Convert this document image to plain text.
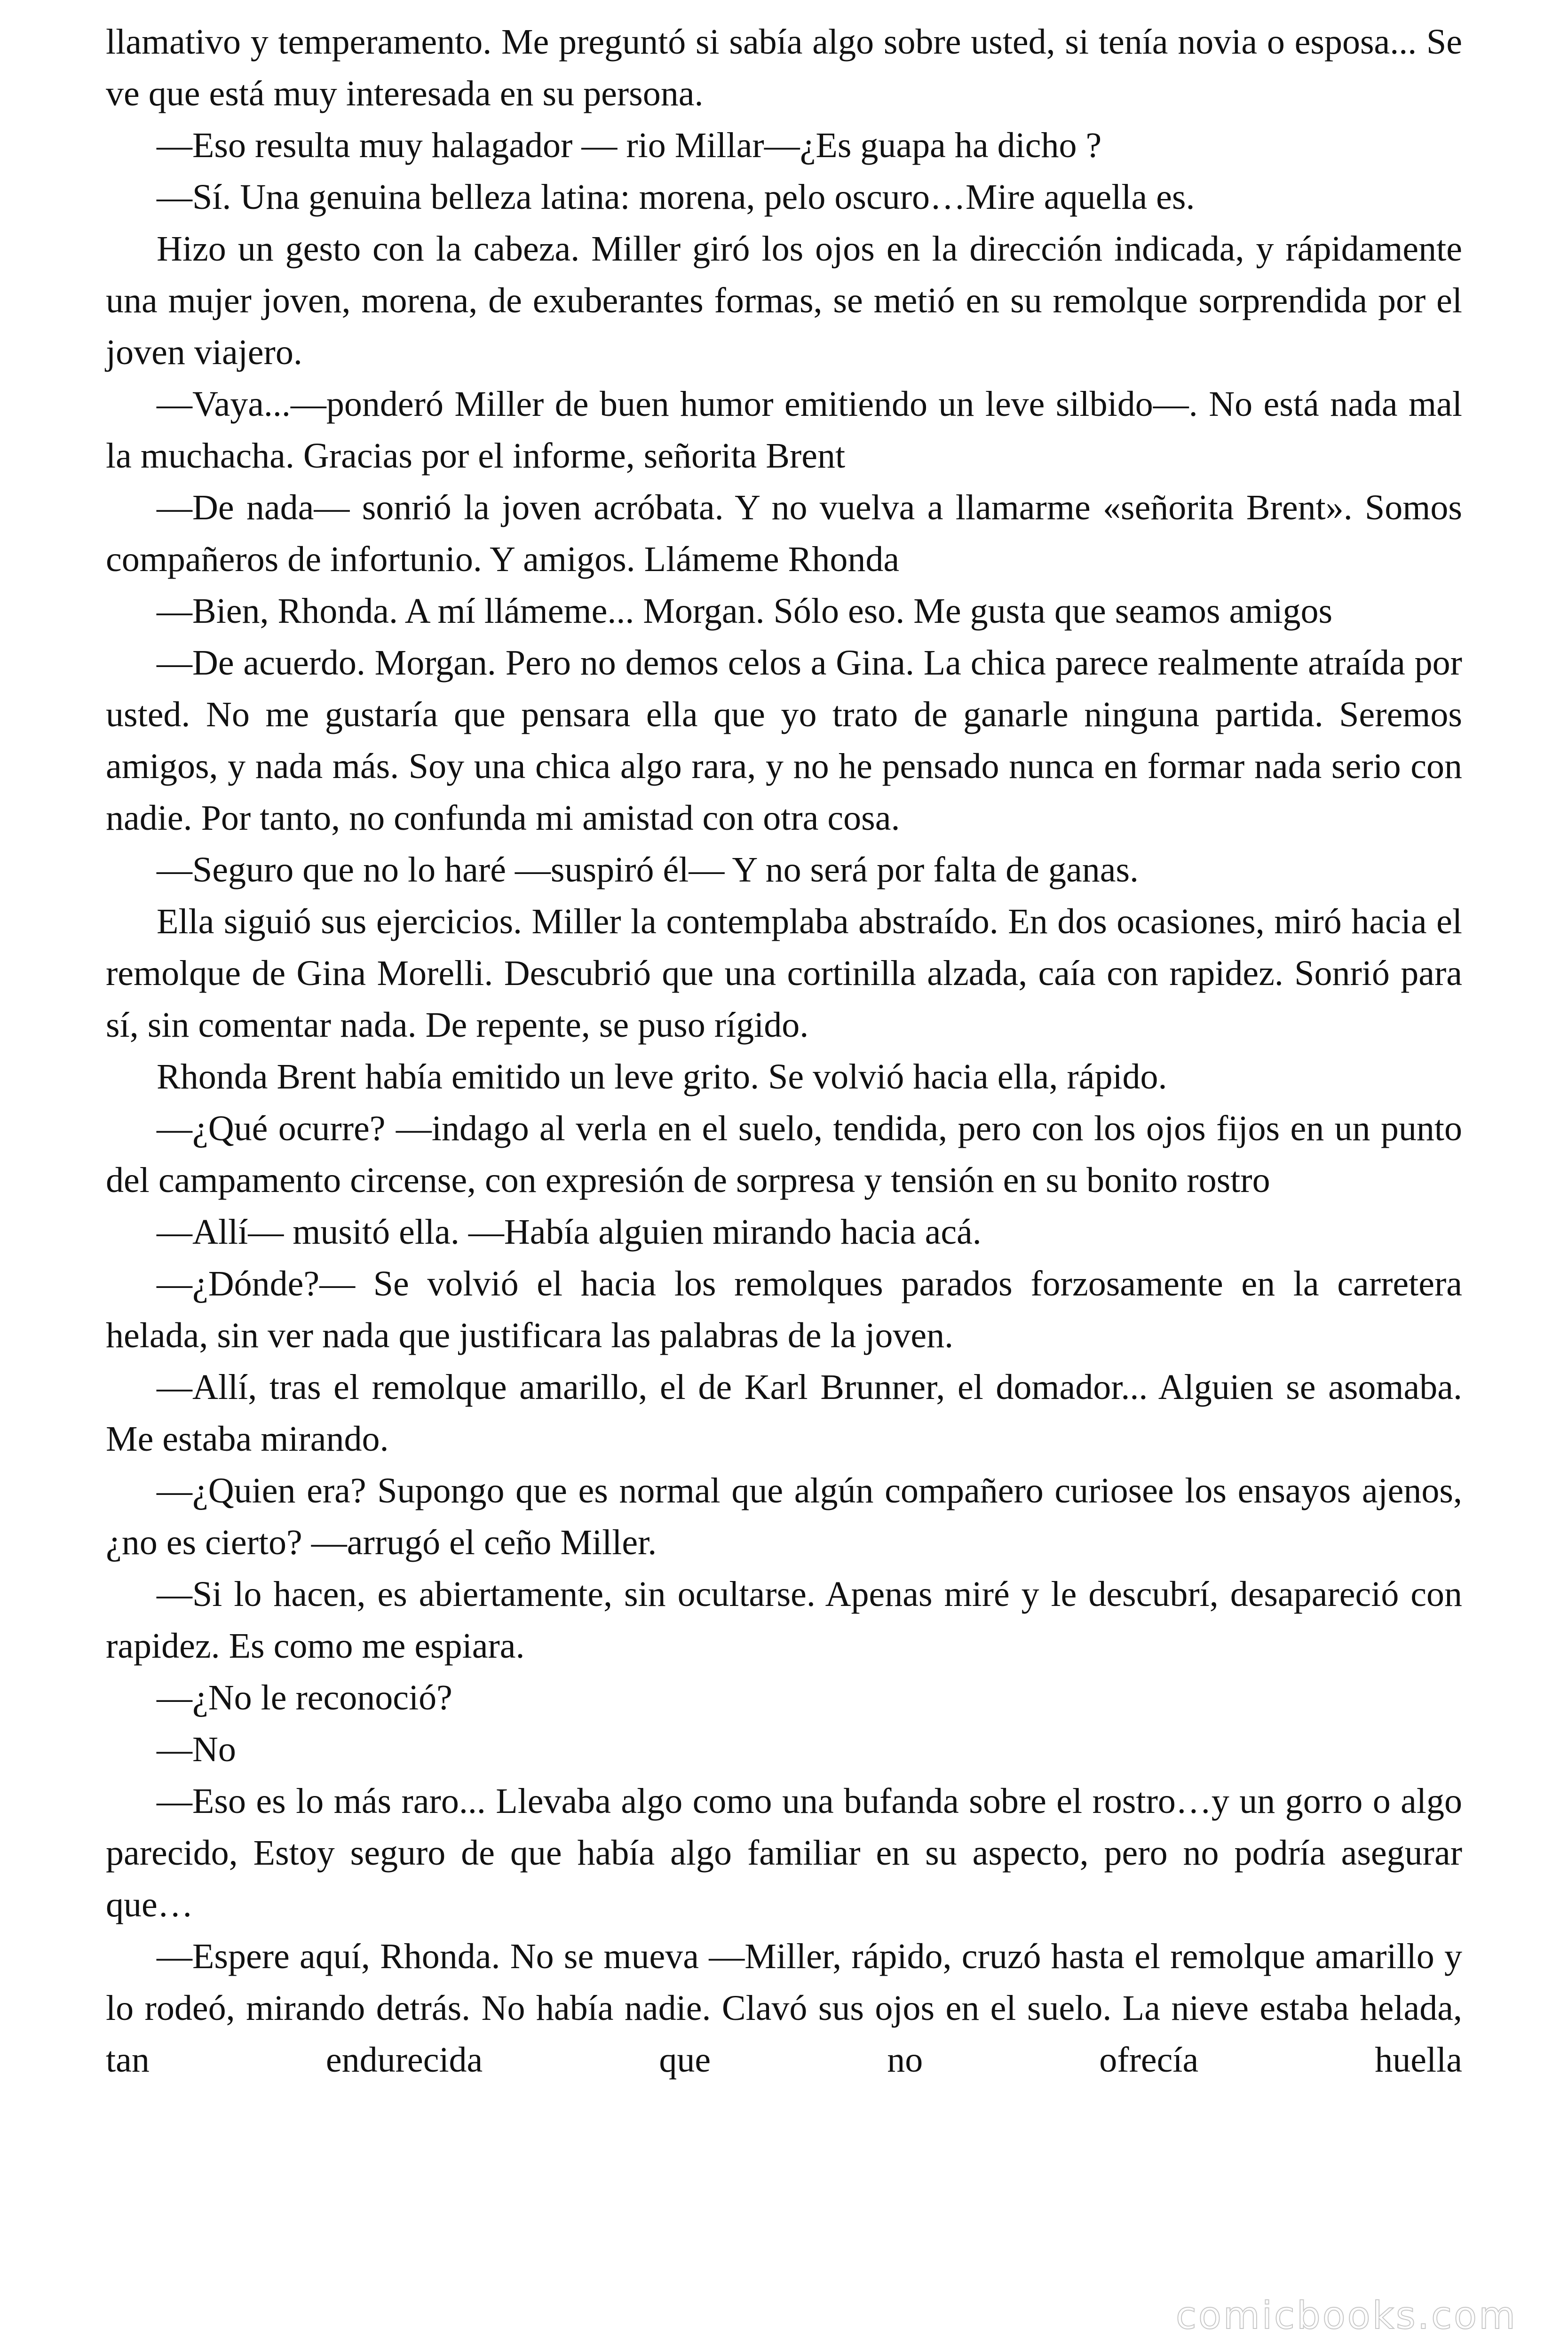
llamativo y temperamento. Me preguntó si sabía algo sobre usted, si tenía novia o esposa... Se ve que está muy interesada en su persona.

—Eso resulta muy halagador — rio Millar—¿Es guapa ha dicho ?

—Sí. Una genuina belleza latina: morena, pelo oscuro…Mire aquella es.

Hizo un gesto con la cabeza. Miller giró los ojos en la dirección indicada, y rápidamente una mujer joven, morena, de exuberantes formas, se metió en su remolque sorprendida por el joven viajero.

—Vaya...—ponderó Miller de buen humor emitiendo un leve silbido—. No está nada mal la muchacha. Gracias por el informe, señorita Brent

—De nada— sonrió la joven acróbata. Y no vuelva a llamarme «señorita Brent». Somos compañeros de infortunio. Y amigos. Llámeme Rhonda

—Bien, Rhonda. A mí llámeme... Morgan. Sólo eso. Me gusta que seamos amigos

—De acuerdo. Morgan. Pero no demos celos a Gina. La chica parece realmente atraída por usted. No me gustaría que pensara ella que yo trato de ganarle ninguna partida. Seremos amigos, y nada más. Soy una chica algo rara, y no he pensado nunca en formar nada serio con nadie. Por tanto, no confunda mi amistad con otra cosa.

—Seguro que no lo haré —suspiró él— Y no será por falta de ganas.

Ella siguió sus ejercicios. Miller la contemplaba abstraído. En dos ocasiones, miró hacia el remolque de Gina Morelli. Descubrió que una cortinilla alzada, caía con rapidez. Sonrió para sí, sin comentar nada. De repente, se puso rígido.

Rhonda Brent había emitido un leve grito. Se volvió hacia ella, rápido.

—¿Qué ocurre? —indago al verla en el suelo, tendida, pero con los ojos fijos en un punto del campamento circense, con expresión de sorpresa y tensión en su bonito rostro

—Allí— musitó ella. —Había alguien mirando hacia acá.

—¿Dónde?— Se volvió el hacia los remolques parados forzosamente en la carretera helada, sin ver nada que justificara las palabras de la joven.

—Allí, tras el remolque amarillo, el de Karl Brunner, el domador... Alguien se asomaba. Me estaba mirando.

—¿Quien era? Supongo que es normal que algún compañero curiosee los ensayos ajenos, ¿no es cierto? —arrugó el ceño Miller.

—Si lo hacen, es abiertamente, sin ocultarse. Apenas miré y le descubrí, desapareció con rapidez. Es como me espiara.

—¿No le reconoció?

—No

—Eso es lo más raro... Llevaba algo como una bufanda sobre el rostro…y un gorro o algo parecido, Estoy seguro de que había algo familiar en su aspecto, pero no podría asegurar que…

—Espere aquí, Rhonda. No se mueva —Miller, rápido, cruzó hasta el remolque amarillo y lo rodeó, mirando detrás. No había nadie. Clavó sus ojos en el suelo. La nieve estaba helada, tan endurecida que no ofrecía huella

comicbooks.com
